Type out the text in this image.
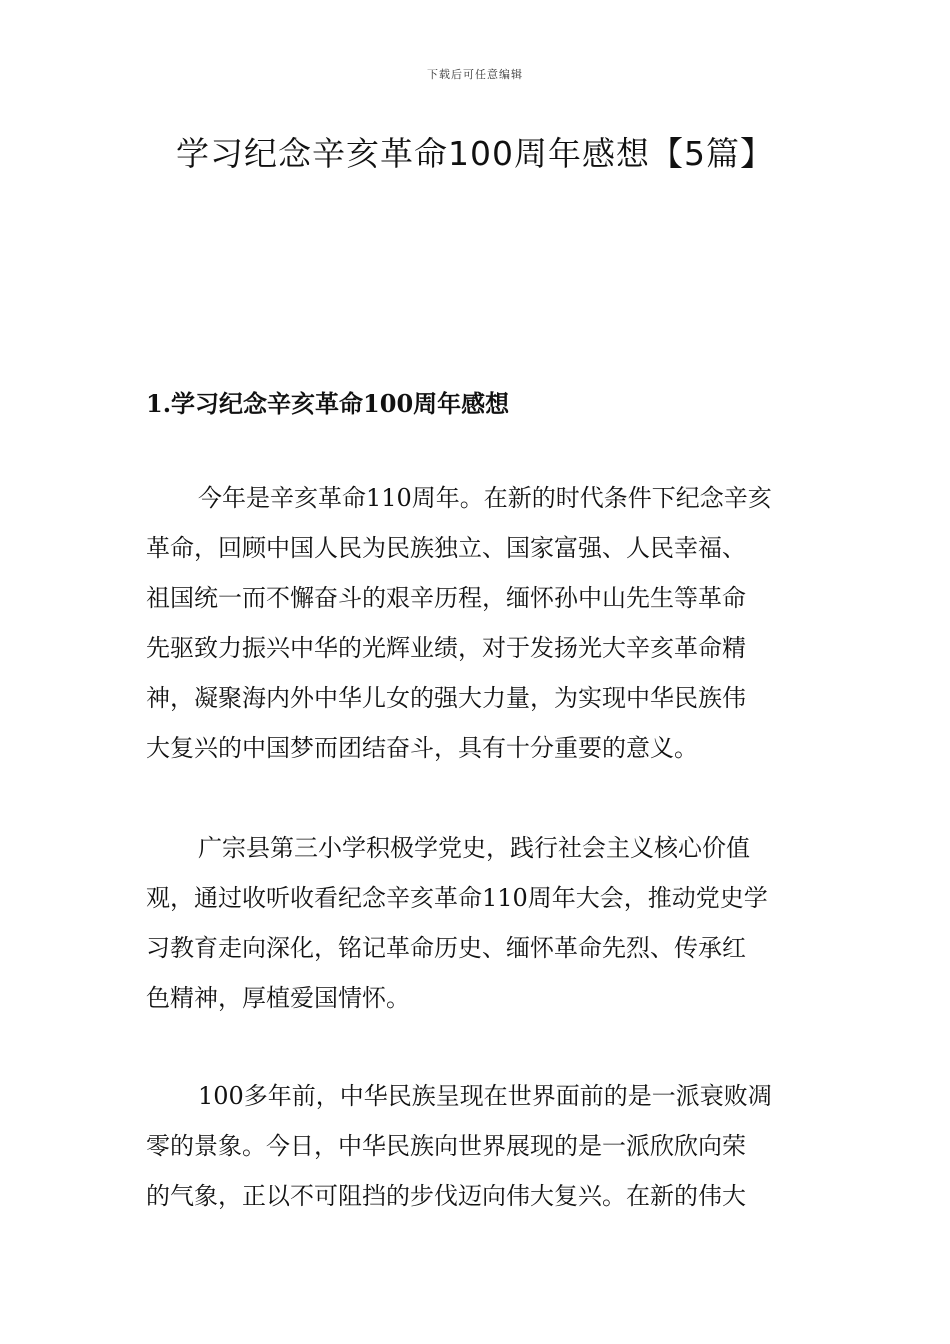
下载后可任意编辑
学习纪念辛亥革命100周年感想【5篇】
1.学习纪念辛亥革命100周年感想

今年是辛亥革命110周年。在新的时代条件下纪念辛亥
革命，回顾中国人民为民族独立、国家富强、人民幸福、
祖国统一而不懈奋斗的艰辛历程，缅怀孙中山先生等革命
先驱致力振兴中华的光辉业绩，对于发扬光大辛亥革命精
神，凝聚海内外中华儿女的强大力量，为实现中华民族伟
大复兴的中国梦而团结奋斗，具有十分重要的意义。

广宗县第三小学积极学党史，践行社会主义核心价值
观，通过收听收看纪念辛亥革命110周年大会，推动党史学
习教育走向深化，铭记革命历史、缅怀革命先烈、传承红
色精神，厚植爱国情怀。

100多年前，中华民族呈现在世界面前的是一派衰败凋
零的景象。今日，中华民族向世界展现的是一派欣欣向荣
的气象，正以不可阻挡的步伐迈向伟大复兴。在新的伟大
